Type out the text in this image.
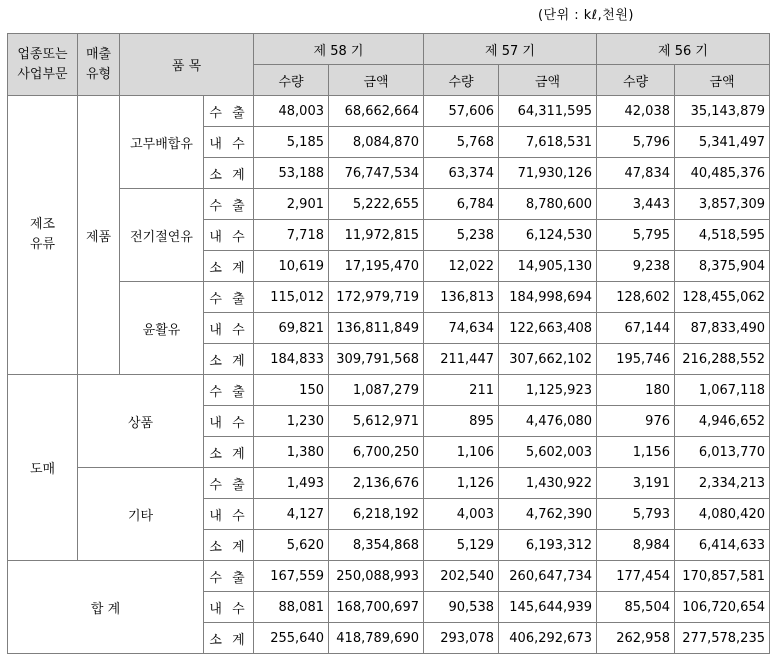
(단위 : kℓ,천원)
업종또는
사업부문	매출
유형	품 목		제 58 기		제 57 기		제 56 기	
				수량	금액	수량	금액	수량	금액
제조
유류	제품	고무배합유	수 출	48,003	68,662,664	57,606	64,311,595	42,038	35,143,879
			내 수	5,185	8,084,870	5,768	7,618,531	5,796	5,341,497
			소 계	53,188	76,747,534	63,374	71,930,126	47,834	40,485,376
		전기절연유	수 출	2,901	5,222,655	6,784	8,780,600	3,443	3,857,309
			내 수	7,718	11,972,815	5,238	6,124,530	5,795	4,518,595
			소 계	10,619	17,195,470	12,022	14,905,130	9,238	8,375,904
		윤활유	수 출	115,012	172,979,719	136,813	184,998,694	128,602	128,455,062
			내 수	69,821	136,811,849	74,634	122,663,408	67,144	87,833,490
			소 계	184,833	309,791,568	211,447	307,662,102	195,746	216,288,552
도매	상품		수 출	150	1,087,279	211	1,125,923	180	1,067,118
			내 수	1,230	5,612,971	895	4,476,080	976	4,946,652
			소 계	1,380	6,700,250	1,106	5,602,003	1,156	6,013,770
	기타		수 출	1,493	2,136,676	1,126	1,430,922	3,191	2,334,213
			내 수	4,127	6,218,192	4,003	4,762,390	5,793	4,080,420
			소 계	5,620	8,354,868	5,129	6,193,312	8,984	6,414,633
합 계			수 출	167,559	250,088,993	202,540	260,647,734	177,454	170,857,581
			내 수	88,081	168,700,697	90,538	145,644,939	85,504	106,720,654
			소 계	255,640	418,789,690	293,078	406,292,673	262,958	277,578,235
